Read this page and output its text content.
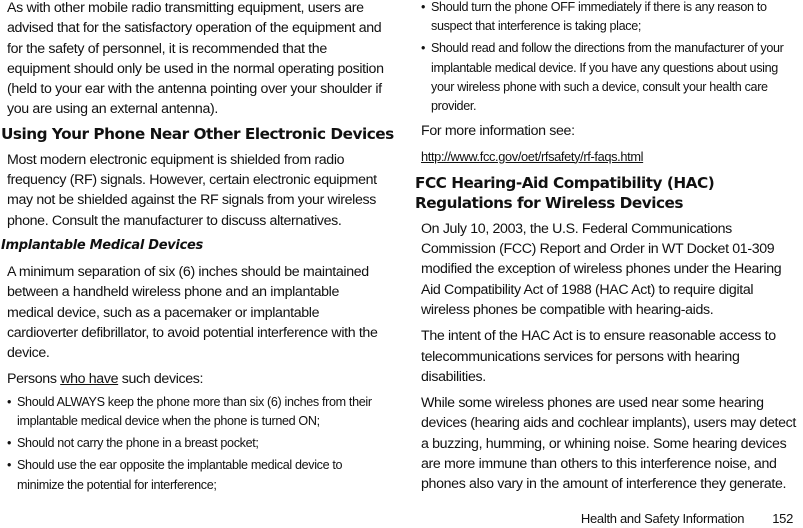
As with other mobile radio transmitting equipment, users are advised that for the satisfactory operation of the equipment and for the safety of personnel, it is recommended that the equipment should only be used in the normal operating position (held to your ear with the antenna pointing over your shoulder if you are using an external antenna).

Using Your Phone Near Other Electronic Devices

Most modern electronic equipment is shielded from radio frequency (RF) signals. However, certain electronic equipment may not be shielded against the RF signals from your wireless phone. Consult the manufacturer to discuss alternatives.

Implantable Medical Devices

A minimum separation of six (6) inches should be maintained between a handheld wireless phone and an implantable medical device, such as a pacemaker or implantable cardioverter defibrillator, to avoid potential interference with the device.

Persons who have such devices:

• Should ALWAYS keep the phone more than six (6) inches from their implantable medical device when the phone is turned ON;
• Should not carry the phone in a breast pocket;
• Should use the ear opposite the implantable medical device to minimize the potential for interference;
• Should turn the phone OFF immediately if there is any reason to suspect that interference is taking place;
• Should read and follow the directions from the manufacturer of your implantable medical device. If you have any questions about using your wireless phone with such a device, consult your health care provider.

For more information see:

http://www.fcc.gov/oet/rfsafety/rf-faqs.html

FCC Hearing-Aid Compatibility (HAC)
Regulations for Wireless Devices

On July 10, 2003, the U.S. Federal Communications Commission (FCC) Report and Order in WT Docket 01-309 modified the exception of wireless phones under the Hearing Aid Compatibility Act of 1988 (HAC Act) to require digital wireless phones be compatible with hearing-aids.

The intent of the HAC Act is to ensure reasonable access to telecommunications services for persons with hearing disabilities.

While some wireless phones are used near some hearing devices (hearing aids and cochlear implants), users may detect a buzzing, humming, or whining noise. Some hearing devices are more immune than others to this interference noise, and phones also vary in the amount of interference they generate.

Health and Safety Information 152
